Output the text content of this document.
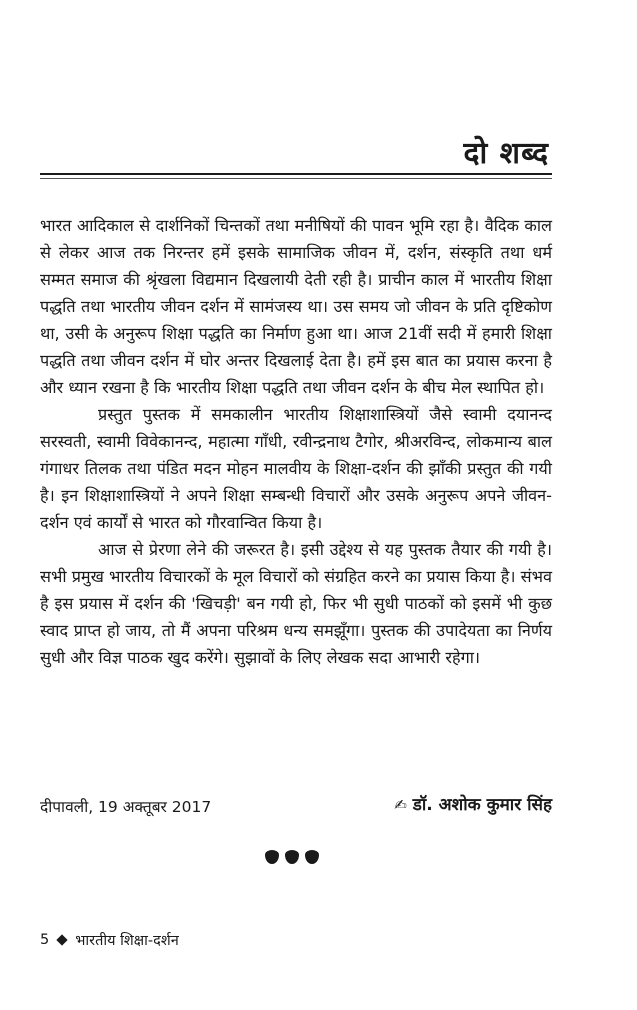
दो शब्द

भारत आदिकाल से दार्शनिकों चिन्तकों तथा मनीषियों की पावन भूमि रहा है। वैदिक काल से लेकर आज तक निरन्तर हमें इसके सामाजिक जीवन में, दर्शन, संस्कृति तथा धर्म सम्मत समाज की श्रृंखला विद्यमान दिखलायी देती रही है। प्राचीन काल में भारतीय शिक्षा पद्धति तथा भारतीय जीवन दर्शन में सामंजस्य था। उस समय जो जीवन के प्रति दृष्टिकोण था, उसी के अनुरूप शिक्षा पद्धति का निर्माण हुआ था। आज 21वीं सदी में हमारी शिक्षा पद्धति तथा जीवन दर्शन में घोर अन्तर दिखलाई देता है। हमें इस बात का प्रयास करना है और ध्यान रखना है कि भारतीय शिक्षा पद्धति तथा जीवन दर्शन के बीच मेल स्थापित हो।

प्रस्तुत पुस्तक में समकालीन भारतीय शिक्षाशास्त्रियों जैसे स्वामी दयानन्द सरस्वती, स्वामी विवेकानन्द, महात्मा गाँधी, रवीन्द्रनाथ टैगोर, श्रीअरविन्द, लोकमान्य बाल गंगाधर तिलक तथा पंडित मदन मोहन मालवीय के शिक्षा-दर्शन की झाँकी प्रस्तुत की गयी है। इन शिक्षाशास्त्रियों ने अपने शिक्षा सम्बन्धी विचारों और उसके अनुरूप अपने जीवन-दर्शन एवं कार्यों से भारत को गौरवान्वित किया है।

आज से प्रेरणा लेने की जरूरत है। इसी उद्देश्य से यह पुस्तक तैयार की गयी है। सभी प्रमुख भारतीय विचारकों के मूल विचारों को संग्रहित करने का प्रयास किया है। संभव है इस प्रयास में दर्शन की 'खिचड़ी' बन गयी हो, फिर भी सुधी पाठकों को इसमें भी कुछ स्वाद प्राप्त हो जाय, तो मैं अपना परिश्रम धन्य समझूँगा। पुस्तक की उपादेयता का निर्णय सुधी और विज्ञ पाठक खुद करेंगे। सुझावों के लिए लेखक सदा आभारी रहेगा।

दीपावली, 19 अक्तूबर 2017	✍ डॉ. अशोक कुमार सिंह
5 भारतीय शिक्षा-दर्शन
